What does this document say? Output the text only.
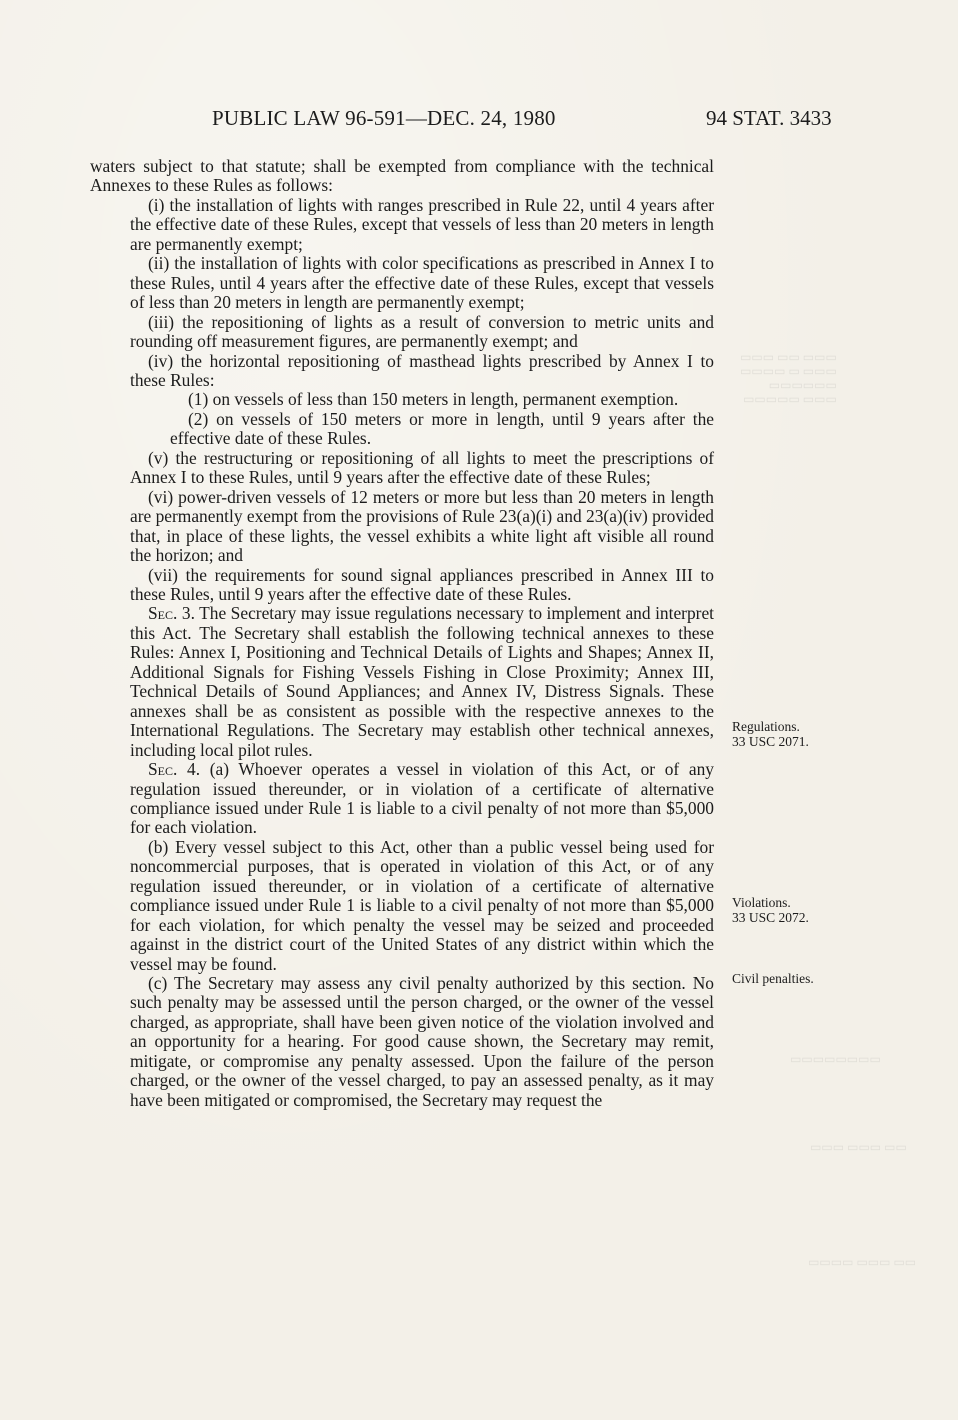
PUBLIC LAW 96-591—DEC. 24, 1980	94 STAT. 3433
▭▭▭ ▭▭ ▭▭▭
▭▭▭ ▭ ▭▭▭▭
▭▭▭▭▭▭
▭▭▭ ▭▭▭▭▭
▭▭▭▭▭▭▭▭
▭▭ ▭▭▭ ▭▭▭
▭▭ ▭▭▭ ▭▭▭▭

waters subject to that statute; shall be exempted from compliance with the technical Annexes to these Rules as follows:

(i) the installation of lights with ranges prescribed in Rule 22, until 4 years after the effective date of these Rules, except that vessels of less than 20 meters in length are permanently exempt;

(ii) the installation of lights with color specifications as prescribed in Annex I to these Rules, until 4 years after the effective date of these Rules, except that vessels of less than 20 meters in length are permanently exempt;

(iii) the repositioning of lights as a result of conversion to metric units and rounding off measurement figures, are permanently exempt; and

(iv) the horizontal repositioning of masthead lights prescribed by Annex I to these Rules:

(1) on vessels of less than 150 meters in length, permanent exemption.

(2) on vessels of 150 meters or more in length, until 9 years after the effective date of these Rules.

(v) the restructuring or repositioning of all lights to meet the prescriptions of Annex I to these Rules, until 9 years after the effective date of these Rules;

(vi) power-driven vessels of 12 meters or more but less than 20 meters in length are permanently exempt from the provisions of Rule 23(a)(i) and 23(a)(iv) provided that, in place of these lights, the vessel exhibits a white light aft visible all round the horizon; and

(vii) the requirements for sound signal appliances prescribed in Annex III to these Rules, until 9 years after the effective date of these Rules.

Sec. 3. The Secretary may issue regulations necessary to implement and interpret this Act. The Secretary shall establish the following technical annexes to these Rules: Annex I, Positioning and Technical Details of Lights and Shapes; Annex II, Additional Signals for Fishing Vessels Fishing in Close Proximity; Annex III, Technical Details of Sound Appliances; and Annex IV, Distress Signals. These annexes shall be as consistent as possible with the respective annexes to the International Regulations. The Secretary may establish other technical annexes, including local pilot rules.

Sec. 4. (a) Whoever operates a vessel in violation of this Act, or of any regulation issued thereunder, or in violation of a certificate of alternative compliance issued under Rule 1 is liable to a civil penalty of not more than $5,000 for each violation.

(b) Every vessel subject to this Act, other than a public vessel being used for noncommercial purposes, that is operated in violation of this Act, or of any regulation issued thereunder, or in violation of a certificate of alternative compliance issued under Rule 1 is liable to a civil penalty of not more than $5,000 for each violation, for which penalty the vessel may be seized and proceeded against in the district court of the United States of any district within which the vessel may be found.

(c) The Secretary may assess any civil penalty authorized by this section. No such penalty may be assessed until the person charged, or the owner of the vessel charged, as appropriate, shall have been given notice of the violation involved and an opportunity for a hearing. For good cause shown, the Secretary may remit, mitigate, or compromise any penalty assessed. Upon the failure of the person charged, or the owner of the vessel charged, to pay an assessed penalty, as it may have been mitigated or compromised, the Secretary may request the

Regulations.
33 USC 2071.
Violations.
33 USC 2072.
Civil penalties.
